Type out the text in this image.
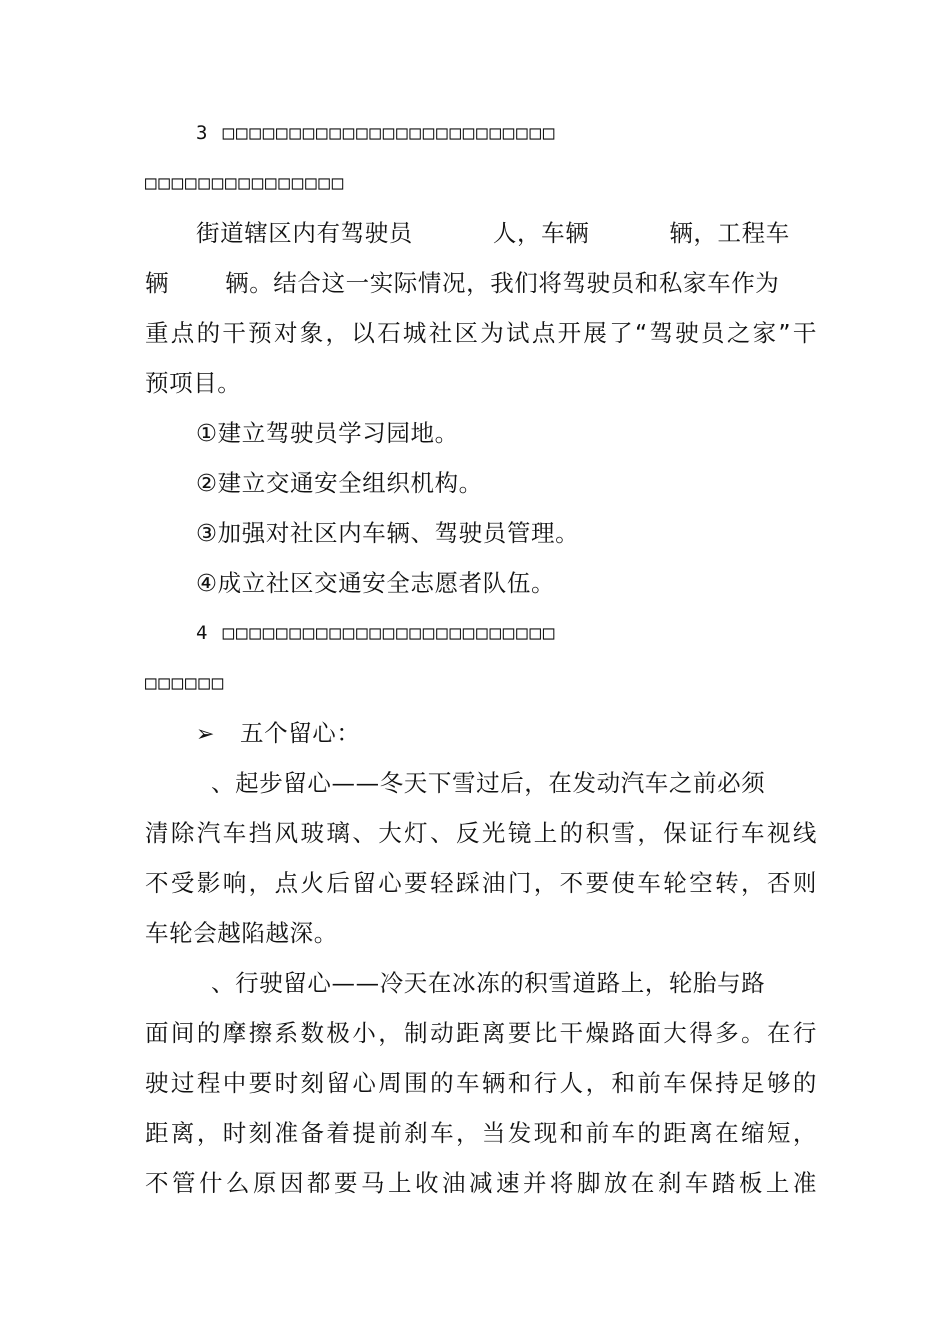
3 □□□□□□□□□□□□□□□□□□□□□□□□□

□□□□□□□□□□□□□□□

街道辖区内有驾驶员	人，车辆	辆，工程车

辆 辆。结合这一实际情况，我们将驾驶员和私家车作为

重点的干预对象，以石城社区为试点开展了“驾驶员之家”干

预项目。

①建立驾驶员学习园地。

②建立交通安全组织机构。

③加强对社区内车辆、驾驶员管理。

④成立社区交通安全志愿者队伍。

4 □□□□□□□□□□□□□□□□□□□□□□□□□

□□□□□□

➢ 五个留心：

、起步留心——冬天下雪过后，在发动汽车之前必须

清除汽车挡风玻璃、大灯、反光镜上的积雪，保证行车视线

不受影响，点火后留心要轻踩油门，不要使车轮空转，否则

车轮会越陷越深。

、行驶留心——冷天在冰冻的积雪道路上，轮胎与路

面间的摩擦系数极小，制动距离要比干燥路面大得多。在行

驶过程中要时刻留心周围的车辆和行人，和前车保持足够的

距离，时刻准备着提前刹车，当发现和前车的距离在缩短，

不管什么原因都要马上收油减速并将脚放在刹车踏板上准
